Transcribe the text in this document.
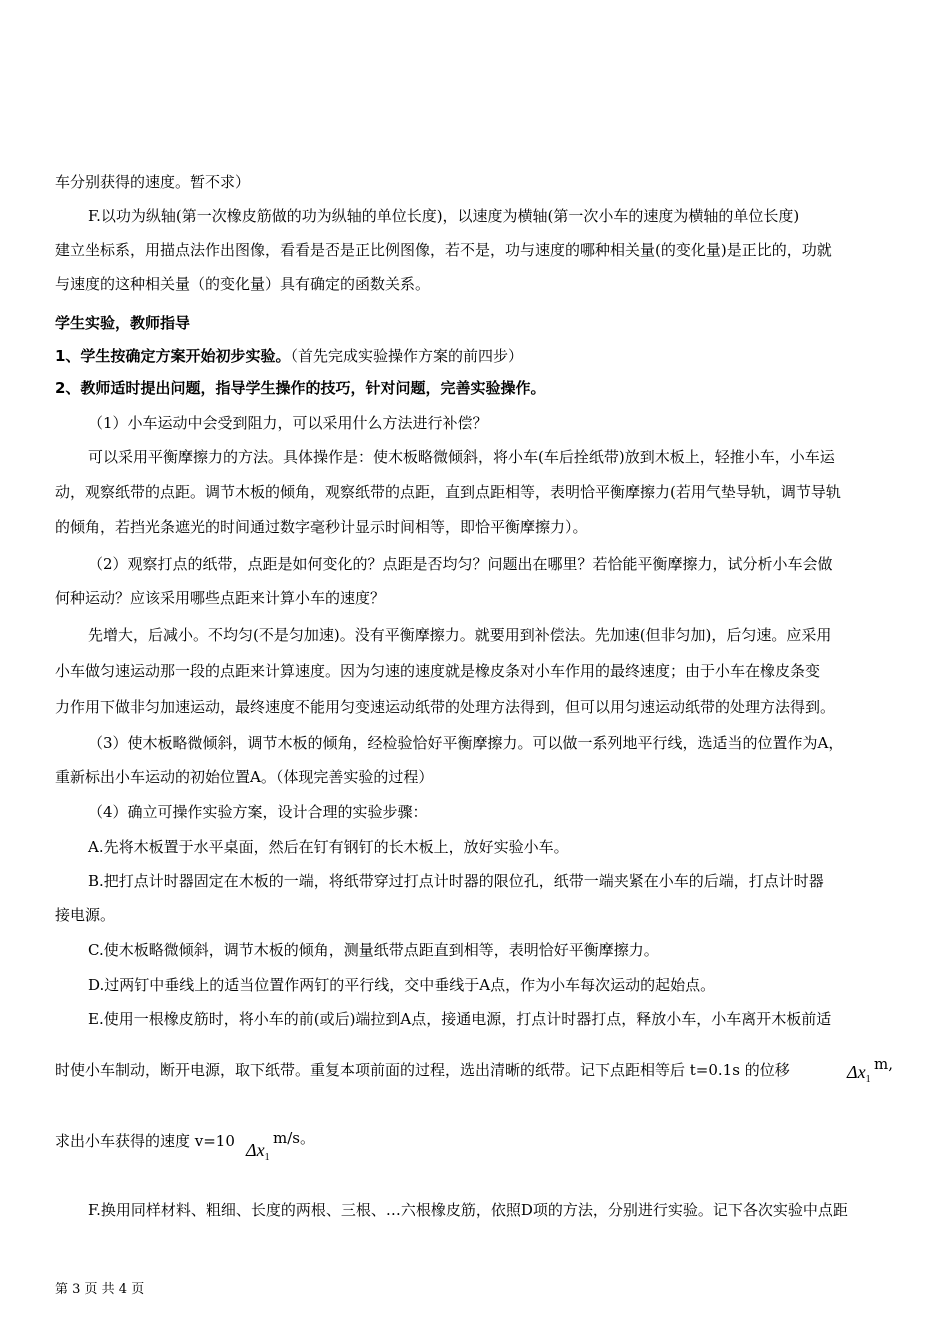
车分别获得的速度。暂不求）
F.以功为纵轴(第一次橡皮筋做的功为纵轴的单位长度)，以速度为横轴(第一次小车的速度为横轴的单位长度)
建立坐标系，用描点法作出图像，看看是否是正比例图像，若不是，功与速度的哪种相关量(的变化量)是正比的，功就
与速度的这种相关量（的变化量）具有确定的函数关系。
学生实验，教师指导
1、学生按确定方案开始初步实验。（首先完成实验操作方案的前四步）
2、教师适时提出问题，指导学生操作的技巧，针对问题，完善实验操作。
（1）小车运动中会受到阻力，可以采用什么方法进行补偿？
可以采用平衡摩擦力的方法。具体操作是：使木板略微倾斜，将小车(车后拴纸带)放到木板上，轻推小车，小车运
动，观察纸带的点距。调节木板的倾角，观察纸带的点距，直到点距相等，表明恰平衡摩擦力(若用气垫导轨，调节导轨
的倾角，若挡光条遮光的时间通过数字毫秒计显示时间相等，即恰平衡摩擦力）。
（2）观察打点的纸带，点距是如何变化的？点距是否均匀？问题出在哪里？若恰能平衡摩擦力，试分析小车会做
何种运动？应该采用哪些点距来计算小车的速度？
先增大，后减小。不均匀(不是匀加速)。没有平衡摩擦力。就要用到补偿法。先加速(但非匀加)，后匀速。应采用
小车做匀速运动那一段的点距来计算速度。因为匀速的速度就是橡皮条对小车作用的最终速度；由于小车在橡皮条变
力作用下做非匀加速运动，最终速度不能用匀变速运动纸带的处理方法得到，但可以用匀速运动纸带的处理方法得到。
（3）使木板略微倾斜，调节木板的倾角，经检验恰好平衡摩擦力。可以做一系列地平行线，选适当的位置作为A，
重新标出小车运动的初始位置A。（体现完善实验的过程）
（4）确立可操作实验方案，设计合理的实验步骤：
A.先将木板置于水平桌面，然后在钉有钢钉的长木板上，放好实验小车。
B.把打点计时器固定在木板的一端，将纸带穿过打点计时器的限位孔，纸带一端夹紧在小车的后端，打点计时器
接电源。
C.使木板略微倾斜，调节木板的倾角，测量纸带点距直到相等，表明恰好平衡摩擦力。
D.过两钉中垂线上的适当位置作两钉的平行线，交中垂线于A点，作为小车每次运动的起始点。
E.使用一根橡皮筋时，将小车的前(或后)端拉到A点，接通电源，打点计时器打点，释放小车，小车离开木板前适
时使小车制动，断开电源，取下纸带。重复本项前面的过程，选出清晰的纸带。记下点距相等后 t=0.1s 的位移	$\Delta x_1$
m,
求出小车获得的速度 v=10 $\Delta x_1$
m/s。
F.换用同样材料、粗细、长度的两根、三根、…六根橡皮筋，依照D项的方法，分别进行实验。记下各次实验中点距
第 3 页 共 4 页
